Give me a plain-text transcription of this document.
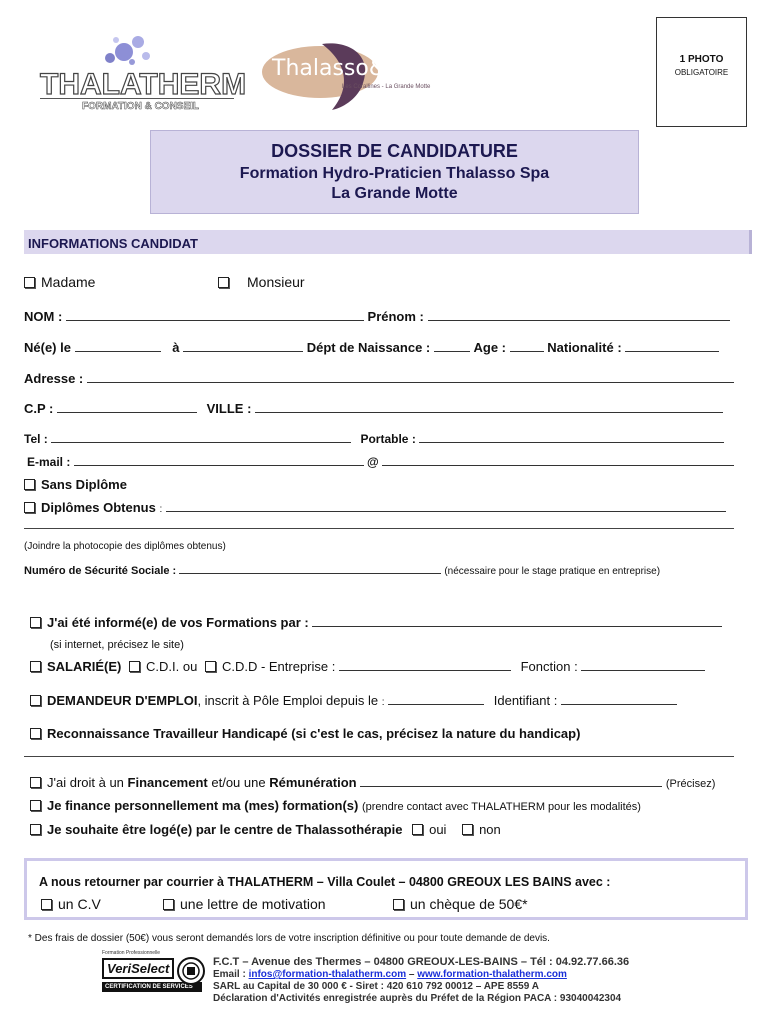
THALATHERM
FORMATION & CONSEIL
Thalasso&Spa
Les Corallines - La Grande Motte
1 PHOTO
OBLIGATOIRE
DOSSIER DE CANDIDATURE
Formation Hydro-Praticien Thalasso Spa
La Grande Motte
INFORMATIONS CANDIDAT
Madame	Monsieur
NOM :	Prénom :
Né(e) le	à	Dépt de Naissance :	Age :	Nationalité :
Adresse :
C.P :	VILLE :
Tel :	Portable :
E-mail :	@
Sans Diplôme
Diplômes Obtenus :
(Joindre la photocopie des diplômes obtenus)
Numéro de Sécurité Sociale :	(nécessaire pour le stage pratique en entreprise)
J'ai été informé(e) de vos Formations par :
(si internet, précisez le site)
SALARIÉ(E) C.D.I. ou C.D.D - Entreprise :	Fonction :
DEMANDEUR D'EMPLOI, inscrit à Pôle Emploi depuis le :	Identifiant :
Reconnaissance Travailleur Handicapé (si c'est le cas, précisez la nature du handicap)
J'ai droit à un Financement et/ou une Rémunération	(Précisez)
Je finance personnellement ma (mes) formation(s) (prendre contact avec THALATHERM pour les modalités)
Je souhaite être logé(e) par le centre de Thalassothérapie oui	non
A nous retourner par courrier à THALATHERM – Villa Coulet – 04800 GREOUX LES BAINS avec :
un C.V	une lettre de motivation	un chèque de 50€*
* Des frais de dossier (50€) vous seront demandés lors de votre inscription définitive ou pour toute demande de devis.
Formation Professionnelle
VeriSelect
CERTIFICATION DE SERVICES
F.C.T – Avenue des Thermes – 04800 GREOUX-LES-BAINS – Tél : 04.92.77.66.36
Email : infos@formation-thalatherm.com – www.formation-thalatherm.com
SARL au Capital de 30 000 € - Siret : 420 610 792 00012 – APE 8559 A
Déclaration d'Activités enregistrée auprès du Préfet de la Région PACA : 93040042304
